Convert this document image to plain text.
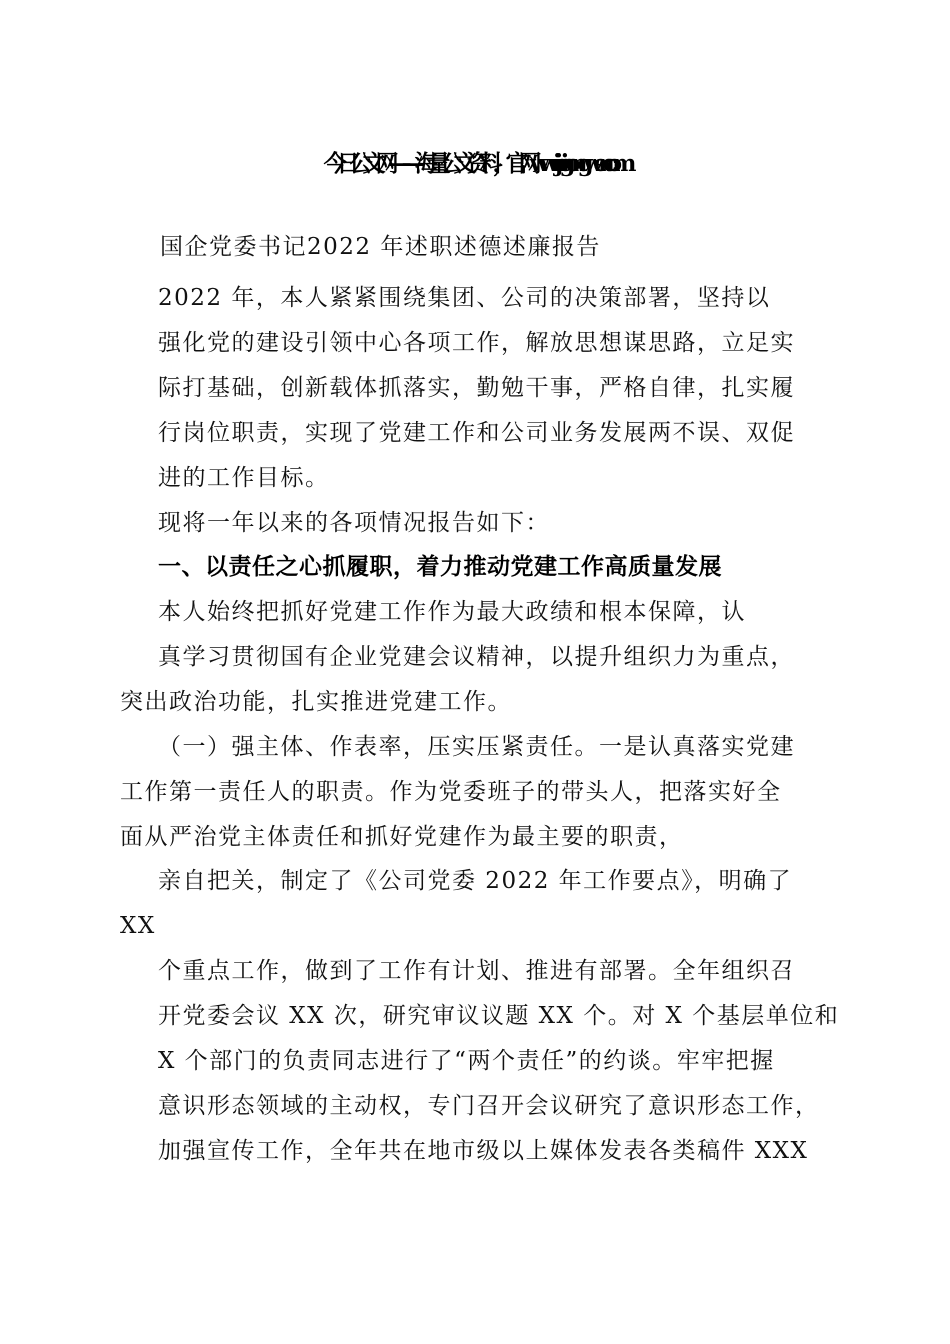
今日公文网——海量公文资料，官网 www.jinrigongwen.com
国企党委书记2022 年述职述德述廉报告
2022 年，本人紧紧围绕集团、公司的决策部署，坚持以
强化党的建设引领中心各项工作，解放思想谋思路，立足实
际打基础，创新载体抓落实，勤勉干事，严格自律，扎实履
行岗位职责，实现了党建工作和公司业务发展两不误、双促
进的工作目标。
现将一年以来的各项情况报告如下：
一、以责任之心抓履职，着力推动党建工作高质量发展
本人始终把抓好党建工作作为最大政绩和根本保障，认
真学习贯彻国有企业党建会议精神，以提升组织力为重点，
突出政治功能，扎实推进党建工作。
（一）强主体、作表率，压实压紧责任。一是认真落实党建
工作第一责任人的职责。作为党委班子的带头人，把落实好全
面从严治党主体责任和抓好党建作为最主要的职责，
亲自把关，制定了《公司党委 2022 年工作要点》，明确了
XX
个重点工作，做到了工作有计划、推进有部署。全年组织召
开党委会议 XX 次，研究审议议题 XX 个。对 X 个基层单位和
X 个部门的负责同志进行了“两个责任”的约谈。牢牢把握
意识形态领域的主动权，专门召开会议研究了意识形态工作，
加强宣传工作，全年共在地市级以上媒体发表各类稿件 XXX
